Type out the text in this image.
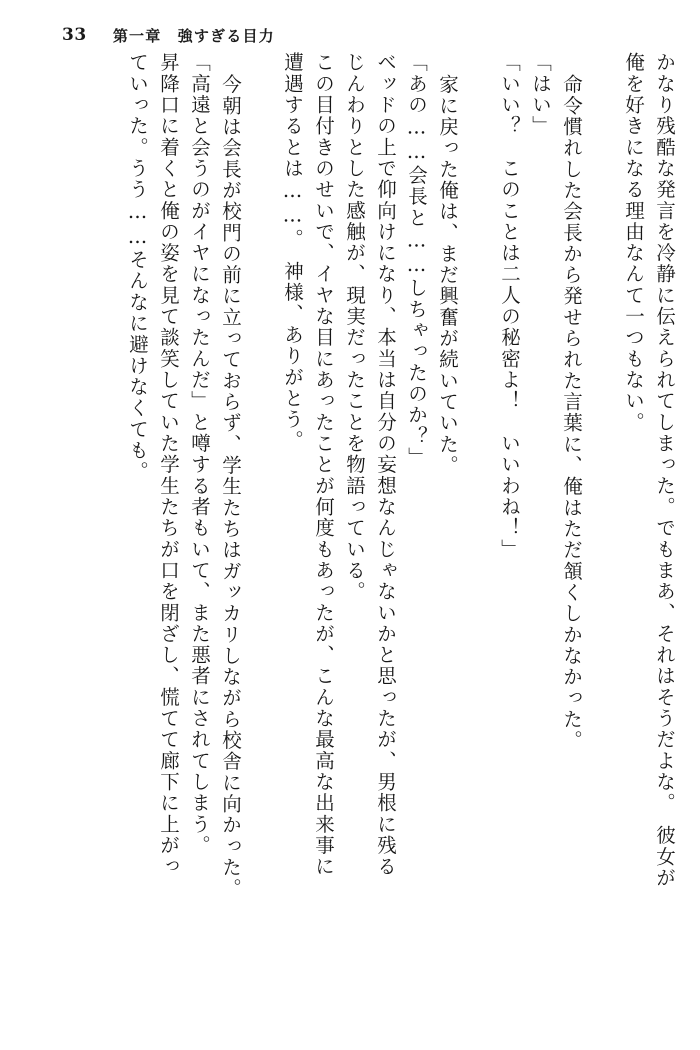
33 第一章　強すぎる目力
かなり残酷な発言を冷静に伝えられてしまった。でもまあ、それはそうだよな。　彼女が
俺を好きになる理由なんて一つもない。
命令慣れした会長から発せられた言葉に、俺はただ頷くしかなかった。
「はい」
「いい？　このことは二人の秘密よ！　いいわね！」
家に戻った俺は、まだ興奮が続いていた。
「あの……会長と……しちゃったのか？」
ベッドの上で仰向けになり、本当は自分の妄想なんじゃないかと思ったが、男根に残る
じんわりとした感触が、現実だったことを物語っている。
この目付きのせいで、イヤな目にあったことが何度もあったが、こんな最高な出来事に
遭遇するとは……。　神様、ありがとう。
今朝は会長が校門の前に立っておらず、学生たちはガッカリしながら校舎に向かった。
「高遠と会うのがイヤになったんだ」と噂する者もいて、また悪者にされてしまう。
昇降口に着くと俺の姿を見て談笑していた学生たちが口を閉ざし、慌てて廊下に上がっ
ていった。うう……そんなに避けなくても。
